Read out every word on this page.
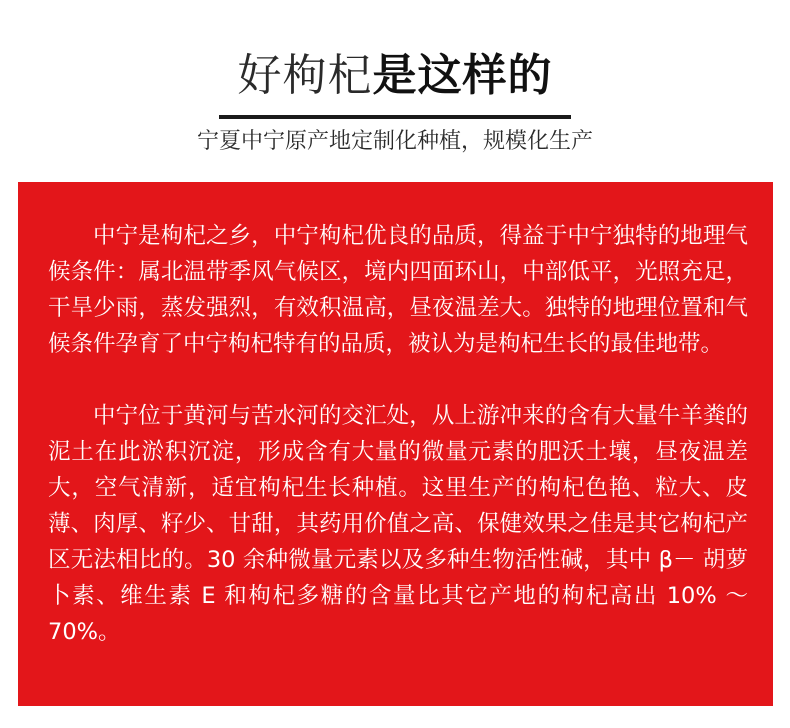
好枸杞是这样的
宁夏中宁原产地定制化种植，规模化生产

中宁是枸杞之乡，中宁枸杞优良的品质，得益于中宁独特的地理气候条件：属北温带季风气候区，境内四面环山，中部低平，光照充足，干旱少雨，蒸发强烈，有效积温高，昼夜温差大。独特的地理位置和气候条件孕育了中宁枸杞特有的品质，被认为是枸杞生长的最佳地带。

中宁位于黄河与苦水河的交汇处，从上游冲来的含有大量牛羊粪的泥土在此淤积沉淀，形成含有大量的微量元素的肥沃土壤，昼夜温差大，空气清新，适宜枸杞生长种植。这里生产的枸杞色艳、粒大、皮薄、肉厚、籽少、甘甜，其药用价值之高、保健效果之佳是其它枸杞产区无法相比的。30 余种微量元素以及多种生物活性碱，其中 β－ 胡萝卜素、维生素 E 和枸杞多糖的含量比其它产地的枸杞高出 10% ～ 70%。
